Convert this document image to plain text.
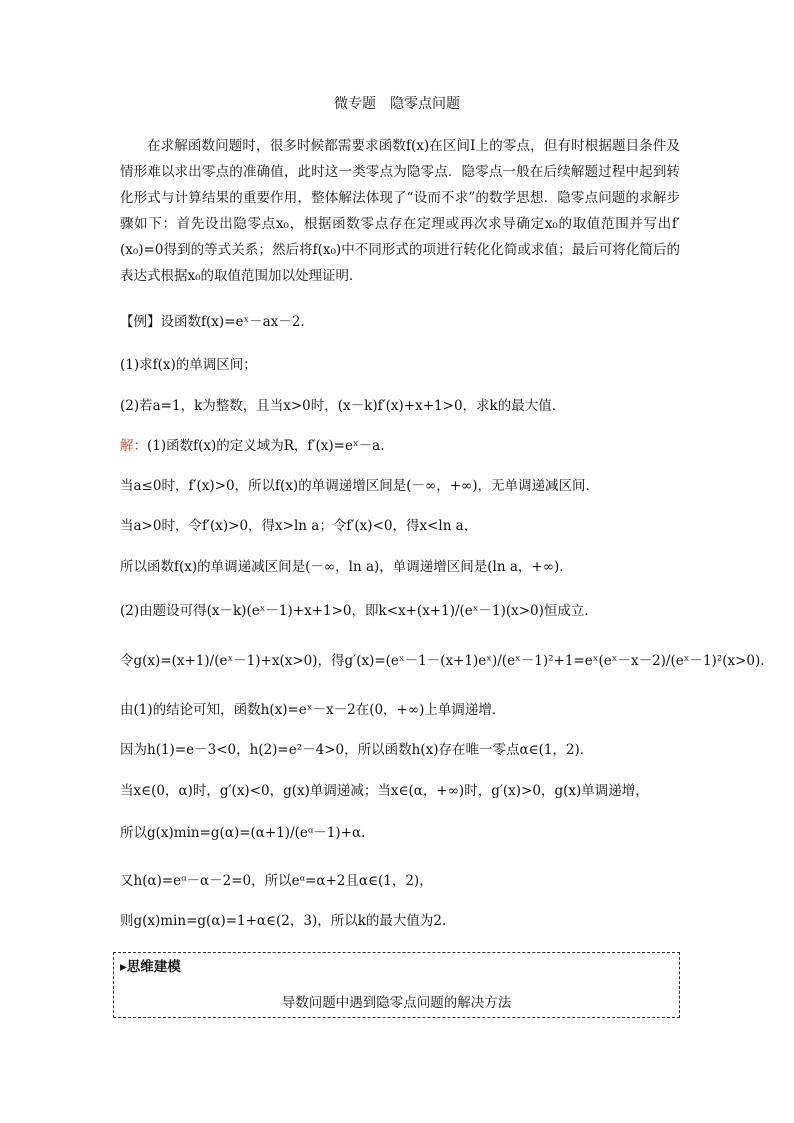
微专题　隐零点问题
在求解函数问题时，很多时候都需要求函数f(x)在区间I上的零点，但有时根据题目条件及情形难以求出零点的准确值，此时这一类零点为隐零点．隐零点一般在后续解题过程中起到转化形式与计算结果的重要作用，整体解法体现了“设而不求”的数学思想．隐零点问题的求解步骤如下：首先设出隐零点x₀，根据函数零点存在定理或再次求导确定x₀的取值范围并写出f′(x₀)=0得到的等式关系；然后将f(x₀)中不同形式的项进行转化化简或求值；最后可将化简后的表达式根据x₀的取值范围加以处理证明．
【例】设函数f(x)=eˣ－ax－2.
(1)求f(x)的单调区间；
(2)若a=1，k为整数，且当x>0时，(x－k)f′(x)+x+1>0，求k的最大值．
解：(1)函数f(x)的定义域为R，f′(x)=eˣ－a.
当a≤0时，f′(x)>0，所以f(x)的单调递增区间是(－∞，+∞)，无单调递减区间．
当a>0时，令f′(x)>0，得x>ln a；令f′(x)<0，得x<ln a，
所以函数f(x)的单调递减区间是(－∞，ln a)，单调递增区间是(ln a，+∞)．
(2)由题设可得(x－k)(eˣ－1)+x+1>0，即k<x+(x+1)/(eˣ－1)(x>0)恒成立．
令g(x)=(x+1)/(eˣ－1)+x(x>0)，得g′(x)=(eˣ－1－(x+1)eˣ)/(eˣ－1)²+1=eˣ(eˣ－x－2)/(eˣ－1)²(x>0)．
由(1)的结论可知，函数h(x)=eˣ－x－2在(0，+∞)上单调递增．
因为h(1)=e－3<0，h(2)=e²－4>0，所以函数h(x)存在唯一零点α∈(1，2)．
当x∈(0，α)时，g′(x)<0，g(x)单调递减；当x∈(α，+∞)时，g′(x)>0，g(x)单调递增，
所以g(x)min=g(α)=(α+1)/(eᵅ－1)+α.
又h(α)=eᵅ－α－2=0，所以eᵅ=α+2且α∈(1，2)，
则g(x)min=g(α)=1+α∈(2，3)，所以k的最大值为2.
▸思维建模
导数问题中遇到隐零点问题的解决方法
